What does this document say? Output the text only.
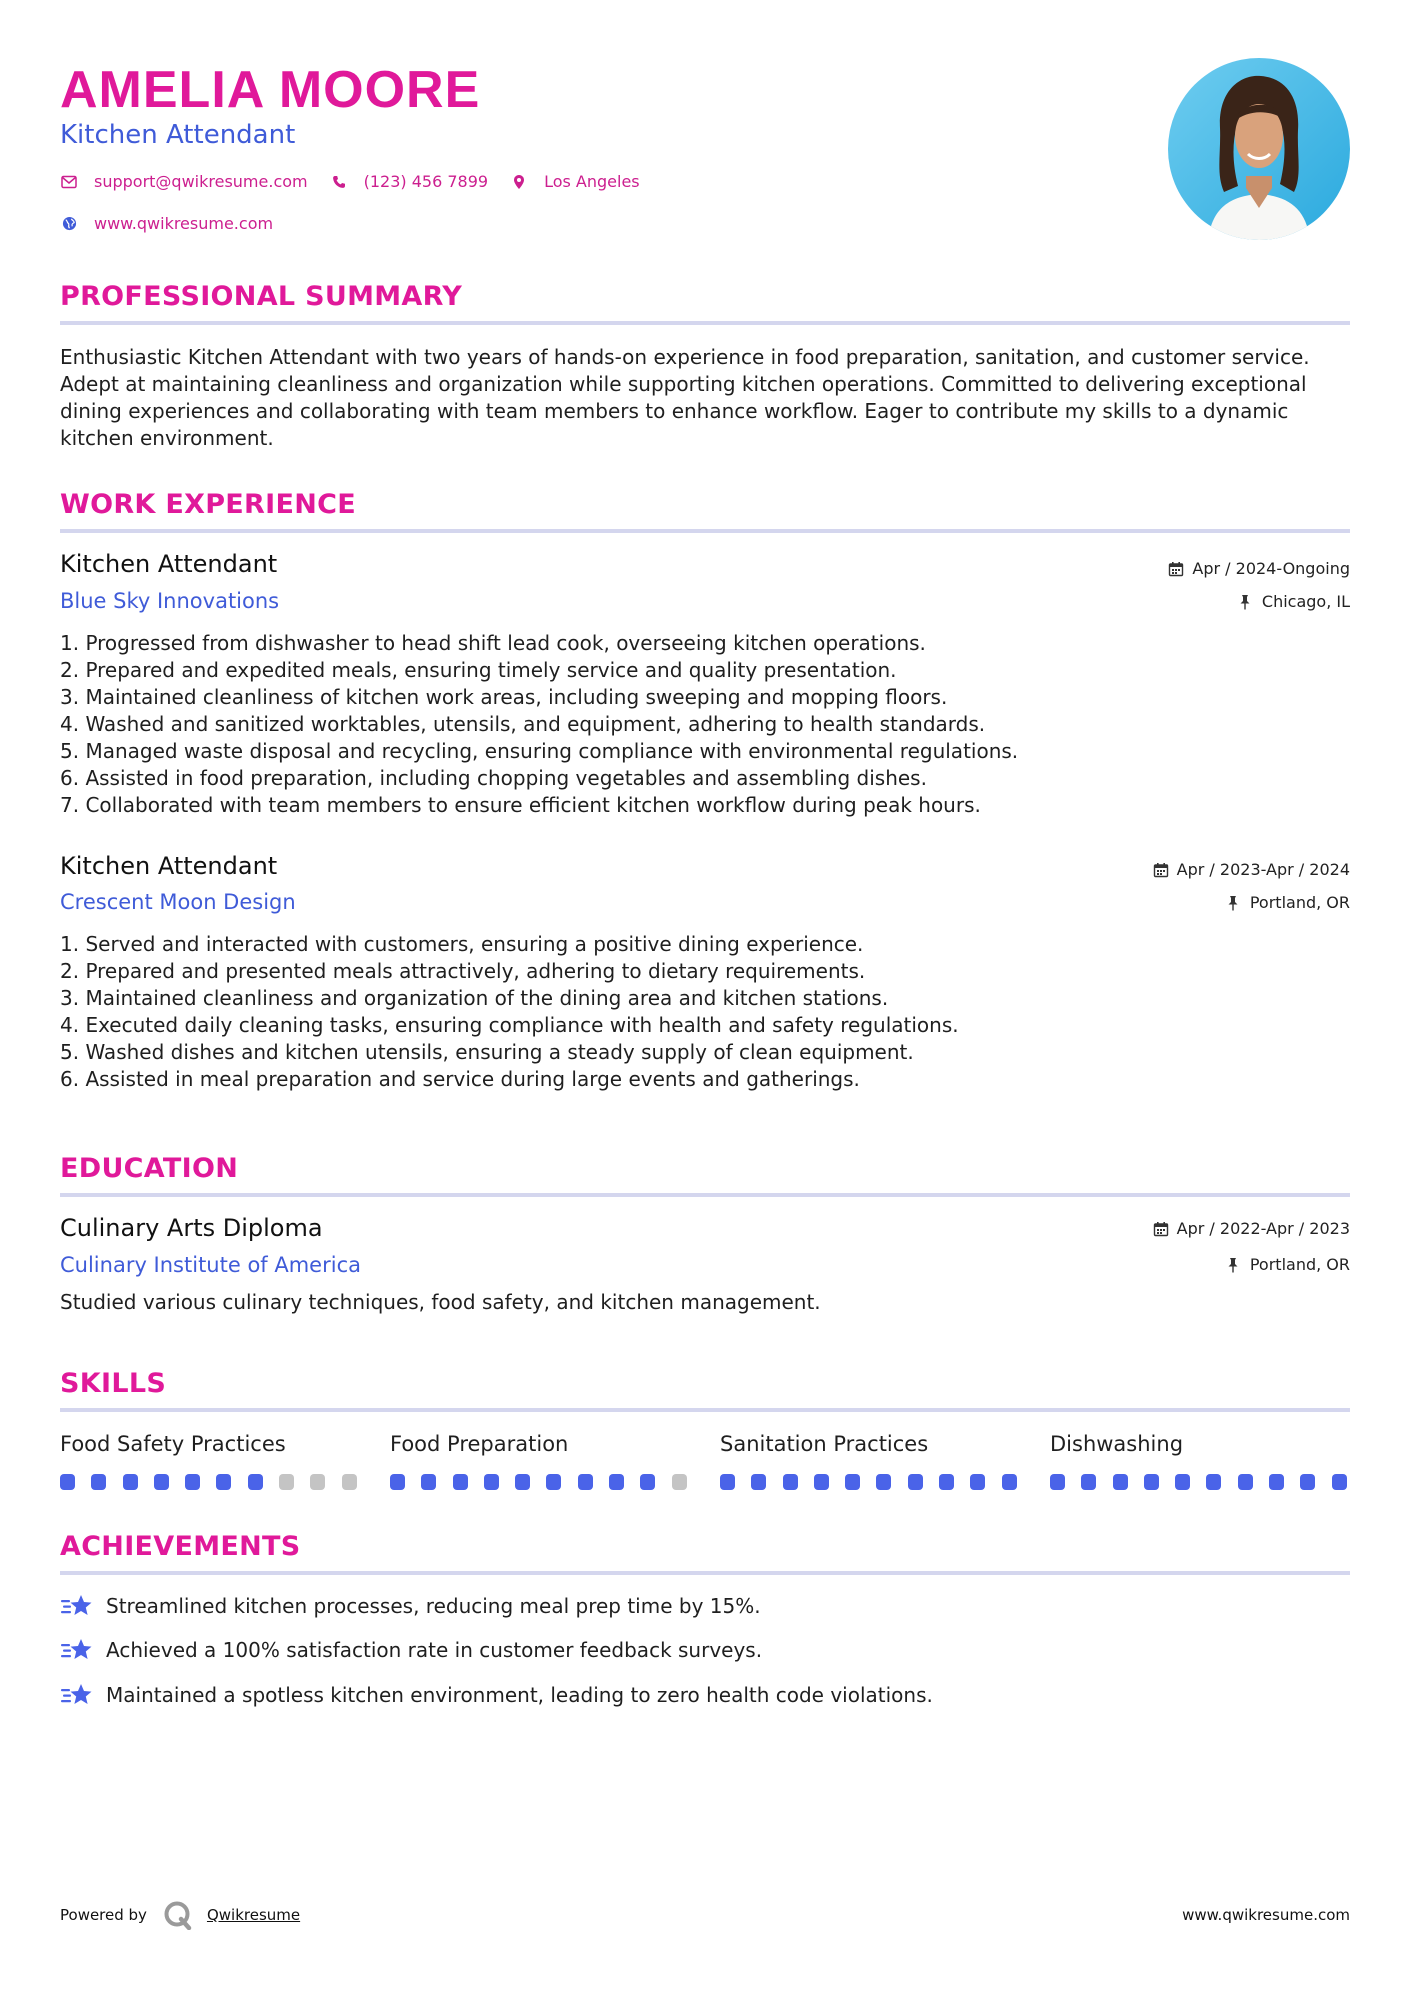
AMELIA MOORE
Kitchen Attendant
support@qwikresume.com	(123) 456 7899	Los Angeles
www.qwikresume.com
PROFESSIONAL SUMMARY
Enthusiastic Kitchen Attendant with two years of hands-on experience in food preparation, sanitation, and customer service. Adept at maintaining cleanliness and organization while supporting kitchen operations. Committed to delivering exceptional dining experiences and collaborating with team members to enhance workflow. Eager to contribute my skills to a dynamic kitchen environment.
WORK EXPERIENCE
Kitchen Attendant
Blue Sky Innovations
Apr / 2024-Ongoing
Chicago, IL
1. Progressed from dishwasher to head shift lead cook, overseeing kitchen operations.
2. Prepared and expedited meals, ensuring timely service and quality presentation.
3. Maintained cleanliness of kitchen work areas, including sweeping and mopping floors.
4. Washed and sanitized worktables, utensils, and equipment, adhering to health standards.
5. Managed waste disposal and recycling, ensuring compliance with environmental regulations.
6. Assisted in food preparation, including chopping vegetables and assembling dishes.
7. Collaborated with team members to ensure efficient kitchen workflow during peak hours.
Kitchen Attendant
Crescent Moon Design
Apr / 2023-Apr / 2024
Portland, OR
1. Served and interacted with customers, ensuring a positive dining experience.
2. Prepared and presented meals attractively, adhering to dietary requirements.
3. Maintained cleanliness and organization of the dining area and kitchen stations.
4. Executed daily cleaning tasks, ensuring compliance with health and safety regulations.
5. Washed dishes and kitchen utensils, ensuring a steady supply of clean equipment.
6. Assisted in meal preparation and service during large events and gatherings.
EDUCATION
Culinary Arts Diploma
Culinary Institute of America
Apr / 2022-Apr / 2023
Portland, OR
Studied various culinary techniques, food safety, and kitchen management.
SKILLS
Food Safety Practices	Food Preparation	Sanitation Practices	Dishwashing
ACHIEVEMENTS
Streamlined kitchen processes, reducing meal prep time by 15%.
Achieved a 100% satisfaction rate in customer feedback surveys.
Maintained a spotless kitchen environment, leading to zero health code violations.
Powered by	Qwikresume	www.qwikresume.com
